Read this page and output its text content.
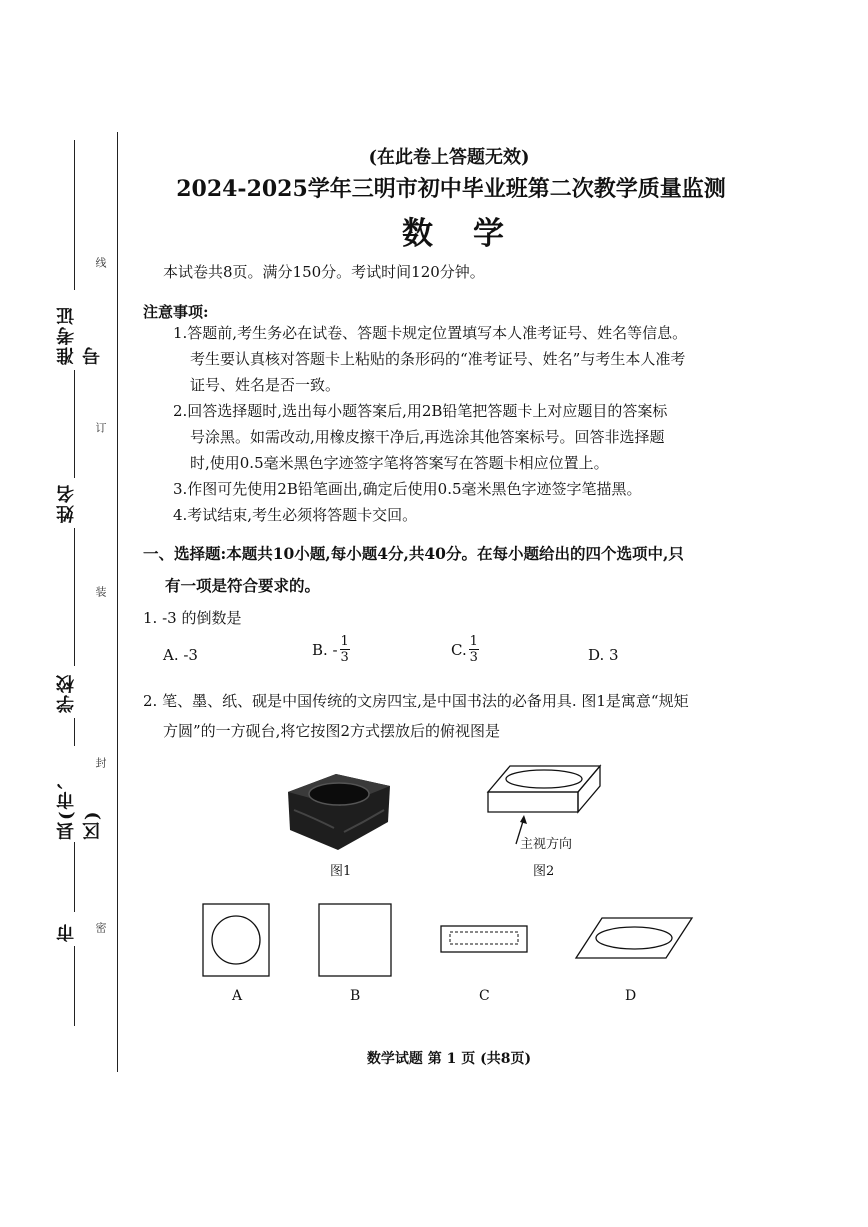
准考证号
姓名
学校
县(市、区)
市
线
订
装
封
密
(在此卷上答题无效)
2024-2025学年三明市初中毕业班第二次教学质量监测
数学
本试卷共8页。满分150分。考试时间120分钟。
注意事项:
1.答题前,考生务必在试卷、答题卡规定位置填写本人准考证号、姓名等信息。
考生要认真核对答题卡上粘贴的条形码的“准考证号、姓名”与考生本人准考
证号、姓名是否一致。
2.回答选择题时,选出每小题答案后,用2B铅笔把答题卡上对应题目的答案标
号涂黑。如需改动,用橡皮擦干净后,再选涂其他答案标号。回答非选择题
时,使用0.5毫米黑色字迹签字笔将答案写在答题卡相应位置上。
3.作图可先使用2B铅笔画出,确定后使用0.5毫米黑色字迹签字笔描黑。
4.考试结束,考生必须将答题卡交回。
一、选择题:本题共10小题,每小题4分,共40分。在每小题给出的四个选项中,只
有一项是符合要求的。
1. -3 的倒数是
A. -3	B. - $\frac{1}{3}$	C. $\frac{1}{3}$	D. 3
2. 笔、墨、纸、砚是中国传统的文房四宝,是中国书法的必备用具. 图1是寓意“规矩
方圆”的一方砚台,将它按图2方式摆放后的俯视图是
图1
主视方向
图2
A	B	C	D
数学试题 第 1 页 (共8页)
